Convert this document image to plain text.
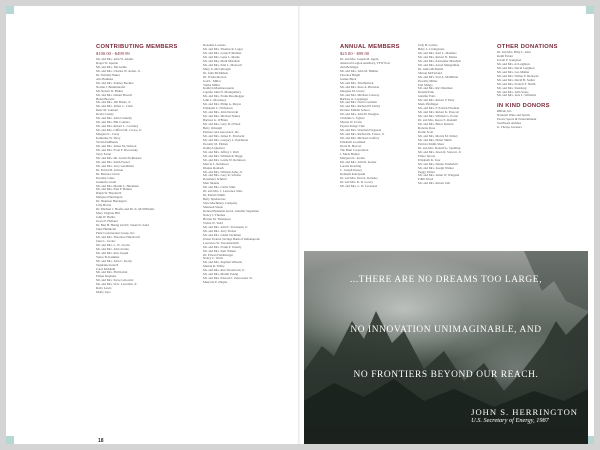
CONTRIBUTING MEMBERS
$100.00 - $499.99
Mr. and Mrs. John W. Adams
Roger W. Aponte
Mr. and Mrs. Jim Ardilo
Mr. and Mrs. Charles W. Arden, Jr.
Dr. Timothy Baker
Aris Bauhaus
Mr. and Mrs. Stanley Beckler
Norma J. Benninderfer
Mr. Robert D. Birkes
Mr. and Mrs. Daniel Broach
Helen Browne
Mr. and Mrs. Jim Burke, Jr.
Mr. and Mrs. James C. Clark
Rene M. Garnant
Kevin Conley
Mr. and Mrs. John Connelly
Mr. and Mrs. Bill Connors
Mr. and Mrs. Robert L. Courtney
Mr. and Mrs. Clifford M. Crowe, Jr.
Margaret L. Curry
Katherine W. Davy
Vivian DeBlanck
Mr. and Mrs. James M. Dobson
Mr. and Mrs. Evan F. Dworetsky
Terry Eaton
Mr. and Mrs. Mr. Gruda Eichhorner
Mr. and Mrs. Keith Feezel
Mr. and Mrs. Jerry Gershman
Dr. David M. Gibson
Dr. Barbara Given
Dorothy Glass
Jeannette Groth
Mr. and Mrs. Martin L. Hackman
Mr. and Mrs. Paul F. Haines
Ralph W. Hayden II
Margaret Harrington
Dr. Shannon Harrington
Lilly Harris
Dr. Michael J. Hoefle and Dr. K. McWilliams
Mary Virginia Hill
John W. Hobbs
Grace P. Holland
Dr. Ben H. Huang and Dr. Susan N. Sand
Janet Hunnicutt
Plant Construction Group, Inc.
Mr. and Mrs. Theodore Hutchcroft
Janet L. Jacobs
Mr. and Mrs. L. W. Jacobs
Mr. and Mrs. John Jordan
Mr. and Mrs. Ron Joseph
Vance B. Kammer
Mr. and Mrs. John C. Kerdy
Stephanie Kelsch
Carol Kirkham
Mr. and Mrs. Phil Kohut
Eileen Kuykens
Mr. and Mrs. Steve Lebowitz
Mr. and Mrs. W.G. Lewellen, Jr.
Ruby Lewis
Molly Lipo
Roxanne Lorenzo
Mr. and Mrs. Thomas R. Lugar
Mr. and Mrs. Louis P. Madner
Mr. and Mrs. Gene L. Marks
Mr. and Mrs. Mark Marshall
Mr. and Mrs. Paul L. Maxwell
Mary A. McCullough
Dr. John McMahon
Dr. Trisha Merson
Gail L. Miller
Velma Miller
Kathryn Montmorquette
Captain John N. Montgomery
Mr. and Mrs. Frank Moothegger
John L. Morrissey
Mr. and Mrs. Philip A. Moyer
Elizabeth C. Nicholson
Mr. and Mrs. John Nowicki
Mr. and Mrs. Michael Nunez
Barbara G. O'Brien
Mr. and Mrs. Gary D. O'Neal
Betty Orbaugh
Partners and Associates, Inc.
Mr. and Mrs. James E. Pawlocki
Mr. and Mrs. Gregory L. Pendleton
Dorothy M. Pitman
Kathryn Quenzer
Mr. and Mrs. Jeffrey J. Rich
Mr. and Mrs. William R. Riggs
Mr. and Mrs. Leslie W. Robinson
Marcia L. Robinson
Dianne Romash
Mr. and Mrs. William Ashe, Jr.
Mr. and Mrs. Gary R. Schafer
Rosemary Schmid
Matt Shanne
Mr. and Mrs. Curtis Sims
Dr. and Mrs. J. Lawrence Sites
Dr. Martin Smith
Betty Spielsterres
State Machinery Company
Maureen Steele
Konrad Banasiak and A. Jennifer Sugarman
Nancy J. Thomas
Harriet M. Thompson
Vickie W. Todd
Mr. and Mrs. John F. Townsend, Jr.
Mr. and Mrs. Jerry Tucker
Mr. and Mrs. Glenn Tuckman
Union Federal Savings Bank of Indianapolis
Lawrence W. Van Amsdorth
Mr. and Mrs. Frank P. Venerly
Mr. and Mrs. Kurt Walker
Dr. Edward Weinberger
Nancy C. Wells
Mr. and Mrs. Stephen Wheeler
Marian R. White
Mr. and Mrs. Ron Woodward, Jr.
Mr. and Mrs. Martin Young
Mr. and Mrs. Edward J. Zebrowski, Sr.
Marjorie P. Zingler
ANNUAL MEMBERS
$25.00 - $99.00
Dr. and Mrs. Joseph M. Agem
American Legion Auxiliary, VFW Post
Ann Belsinger
Mr. and Mrs. John M. Bluhler
Florence Bright
Jeanne Buck
Mr. and Mrs. Tim Bullock
Mr. and Mrs. Ross A. Burrside
Imogene M. Cleary
Mr. and Mrs. Michael Conway
Barbara A. Coppinger
Mr. and Mrs. Norris Gorham
Mr. and Mrs. Richard H. Darby
Decatur Middle School
Mr. and Mrs. John H. Douglas
Christine L. Egbert
Sharon W. Evans
Fayette Kings Club
Mr. and Mrs. Wayman Ferguson
Mr. and Mrs. Richard R. Foster, Jr.
Mr. and Mrs. Michael Godfrey
Elizabeth Goodman
Doris D. Hoover
The Hunt Corporation
J. Mack Hunter
Margaret K. Jordan
Mr. and Mrs. John R. Keeler
Loretta Keerling
C. Joseph Kiesey
Kenneth Kobayashi
Dr. and Mrs. Paul A. Kolaska
Dr. and Mrs. R. D. Lowry
Mr. and Mrs. L. D. Levenson
Judy B. Levine
Betty L. Livingstone
Mr. and Mrs. Karl L. Manders
Mr. and Mrs. Robert N. Marks
Mr. and Mrs. Alexander Marshall
Mr. and Mrs. Aaron Mangelman
Dr. Anita McDaniel
Sharon McFarland
Mr. and Mrs. Earl A. McMillan
Dorothy Miller
Earl Mingo
Mr. and Mrs. Ric Oberman
Donald Polk
Jennifer Potts
Mr. and Mrs. Robert F. Petty
Mark Pfeifinger
Mr. and Mrs. F. Patrick Plasman
Mr. and Mrs. Robert K. Prescott
Mr. and Mrs. William G. Porter
Dr. and Mrs. Reece E. Randall
Mr. and Mrs. Bruce Roberts
Roberta Ross
Dottie Scott
Mr. and Mrs. Morris M. Sillery
Mr. and Mrs. Elmer Smith
Patricia Smith-Shaw
Dr. and Mrs. Donald G. Spalding
Mr. and Mrs. Jason R. Stewart, Jr.
Elinor Strock
Elizabeth K. Teor
Mr. and Mrs. Duane Vanderbilt
Mr. and Mrs. Joseph Walker
Peggy Weber
Mr. and Mrs. Jamie W. Wiegand
Edith Wood
Mr. and Mrs. Robert Zell
OTHER DONATIONS
Dr. and Mrs. Billy L. Abel
Keith Felder
Jewell P. Gangstad
Mr. and Mrs. Al Leighton
Mr. and Mrs. David Leighton
Mr. and Mrs. Leo Mahler
Mr. and Mrs. Wilbur F. Richards
Mr. and Mrs. David B. Sadler
Mr. and Mrs. Francis F. Smith
Mr. and Mrs. Steinberg
Mr. and Mrs. John Stone
Mr. and Mrs. Jack L. Williams
IN KIND DONORS
RBGR, Inc.
National Wine and Spirits
Pacers Sports & Entertainment
Southwest Airlines
G. Thorpe Jewelers
...THERE ARE NO DREAMS TOO LARGE,
NO INNOVATION UNIMAGINABLE, AND
NO FRONTIERS BEYOND OUR REACH.
JOHN S. HERRINGTON
U.S. Secretary of Energy, 1987
18
